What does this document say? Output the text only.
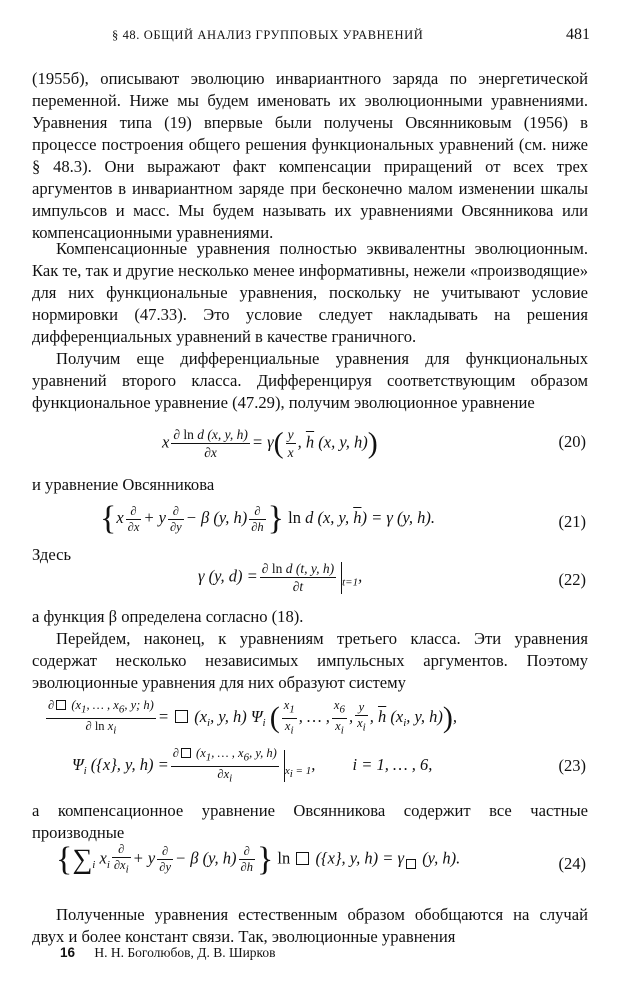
§ 48. ОБЩИЙ АНАЛИЗ ГРУППОВЫХ УРАВНЕНИЙ	481

(1955б), описывают эволюцию инвариантного заряда по энергетической переменной. Ниже мы будем именовать их эволюционными уравнениями. Уравнения типа (19) впервые были получены Овсянниковым (1956) в процессе построения общего решения функциональных уравнений (см. ниже § 48.3). Они выражают факт компенсации приращений от всех трех аргументов в инвариантном заряде при бесконечно малом изменении шкалы импульсов и масс. Мы будем называть их уравнениями Овсянникова или компенсационными уравнениями.

Компенсационные уравнения полностью эквивалентны эволюционным. Как те, так и другие несколько менее информативны, нежели «производящие» для них функциональные уравнения, поскольку не учитывают условие нормировки (47.33). Это условие следует накладывать на решения дифференциальных уравнений в качестве граничного.

Получим еще дифференциальные уравнения для функциональных уравнений второго класса. Дифференцируя соответствующим образом функциональное уравнение (47.29), получим эволюционное уравнение

x $\frac{\text{∂ ln d (x, y, h)}}{\partial x} = \gamma( \frac{y}{x}$ , $\overline{h}$ (x, y, h))	(20)

и уравнение Овсянникова

{$x \frac{\partial}{\partial x} + y \frac{\partial}{\partial y} - \beta$ (y, $h) \frac{\partial}{\partial h}$ } ln d (x, y, $\overline{h}) = \gamma$ (y, h).	(21)

Здесь

γ (y, $d) = \frac{\text{∂ ln d (t, y, h)}}{\partial t} _{t=1}$,	(22)

а функция β определена согласно (18).

Перейдем, наконец, к уравнениям третьего класса. Эти уравнения содержат несколько независимых импульсных аргументов. Поэтому эволюционные уравнения для них образуют систему

$\frac{\partial (x_1, \dots , x_6, y; h)}{\partial \ln x_i} = (x_i$, y, h) $\Psi_i$ ( $\frac{x_1}{x_i}$ , … , $\frac{x_6}{x_i}$ , $\frac{y}{x_i}$ , $\overline{h}$ ($x_i$, y, h)),
$\Psi_i$ ({x}, y, $h) = \frac{\partial (x_1, \dots , x_6, y, h)}{\partial x_i} _{x_i = 1}$,         i = 1, … , 6,	(23)

а компенсационное уравнение Овсянникова содержит все частные производные

{$\sum_i$ $x_i \frac{\partial}{\partial x_i} + y \frac{\partial}{\partial y} - \beta$ (y, $h) \frac{\partial}{\partial h}$ } ln  ({x}, y, h) = γ (y, h).	(24)

Полученные уравнения естественным образом обобщаются на случай двух и более констант связи. Так, эволюционные уравнения

16 Н. Н. Боголюбов, Д. В. Ширков
